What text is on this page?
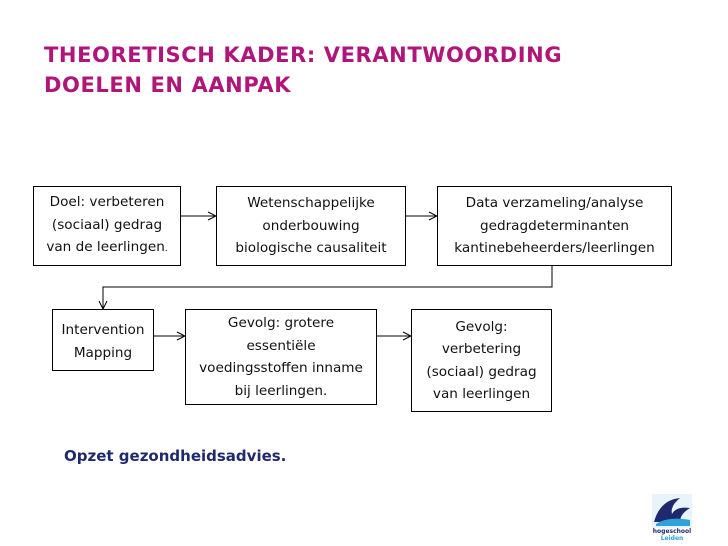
THEORETISCH KADER: VERANTWOORDING
DOELEN EN AANPAK
Doel: verbeteren
(sociaal) gedrag
van de leerlingen.
Wetenschappelijke
onderbouwing
biologische causaliteit
Data verzameling/analyse
gedragdeterminanten
kantinebeheerders/leerlingen
Intervention
Mapping
Gevolg: grotere
essentiële
voedingsstoffen inname
bij leerlingen.
Gevolg:
verbetering
(sociaal) gedrag
van leerlingen
Opzet gezondheidsadvies.
hogeschool
Leiden
